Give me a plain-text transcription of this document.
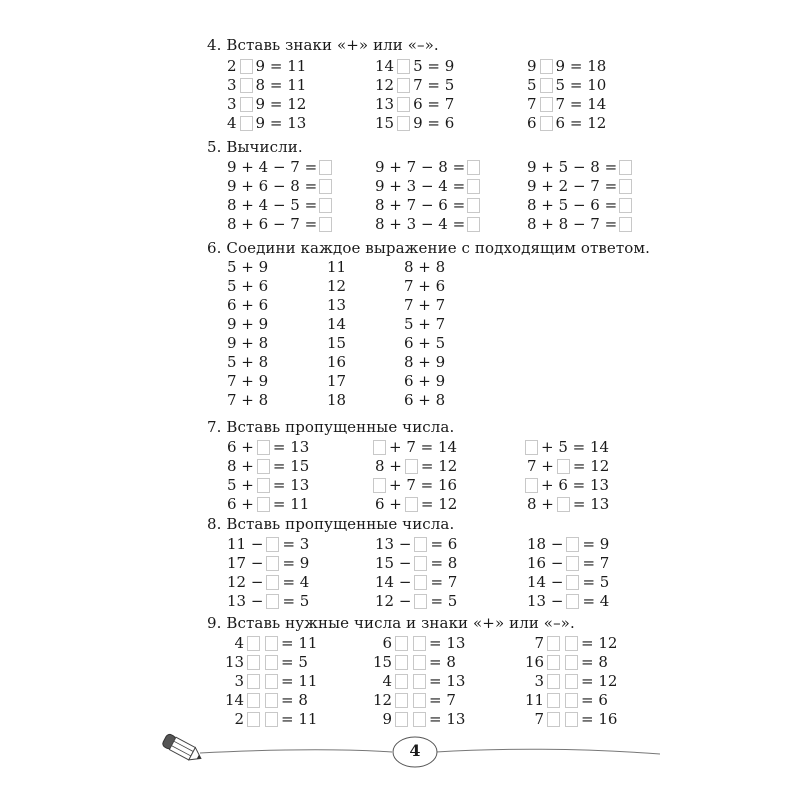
4. Вставь знаки «+» или «–».
2 9 = 11	14 5 = 9	9 9 = 18
3 8 = 11	12 7 = 5	5 5 = 10
3 9 = 12	13 6 = 7	7 7 = 14
4 9 = 13	15 9 = 6	6 6 = 12
5. Вычисли.
9 + 4 − 7 =	9 + 7 − 8 =	9 + 5 − 8 =
9 + 6 − 8 =	9 + 3 − 4 =	9 + 2 − 7 =
8 + 4 − 5 =	8 + 7 − 6 =	8 + 5 − 6 =
8 + 6 − 7 =	8 + 3 − 4 =	8 + 8 − 7 =
6. Соедини каждое выражение с подходящим ответом.
5 + 9	11	8 + 8
5 + 6	12	7 + 6
6 + 6	13	7 + 7
9 + 9	14	5 + 7
9 + 8	15	6 + 5
5 + 8	16	8 + 9
7 + 9	17	6 + 9
7 + 8	18	6 + 8
7. Вставь пропущенные числа.
6 + = 13	+ 7 = 14	+ 5 = 14
8 + = 15	8 + = 12	7 + = 12
5 + = 13	+ 7 = 16	+ 6 = 13
6 + = 11	6 + = 12	8 + = 13
8. Вставь пропущенные числа.
11 − = 3	13 − = 6	18 − = 9
17 − = 9	15 − = 8	16 − = 7
12 − = 4	14 − = 7	14 − = 5
13 − = 5	12 − = 5	13 − = 4
9. Вставь нужные числа и знаки «+» или «–».
4 = 11	6 = 13	7 = 12
13 = 5	15 = 8	16 = 8
3 = 11	4 = 13	3 = 12
14 = 8	12 = 7	11 = 6
2 = 11	9 = 13	7 = 16
4
